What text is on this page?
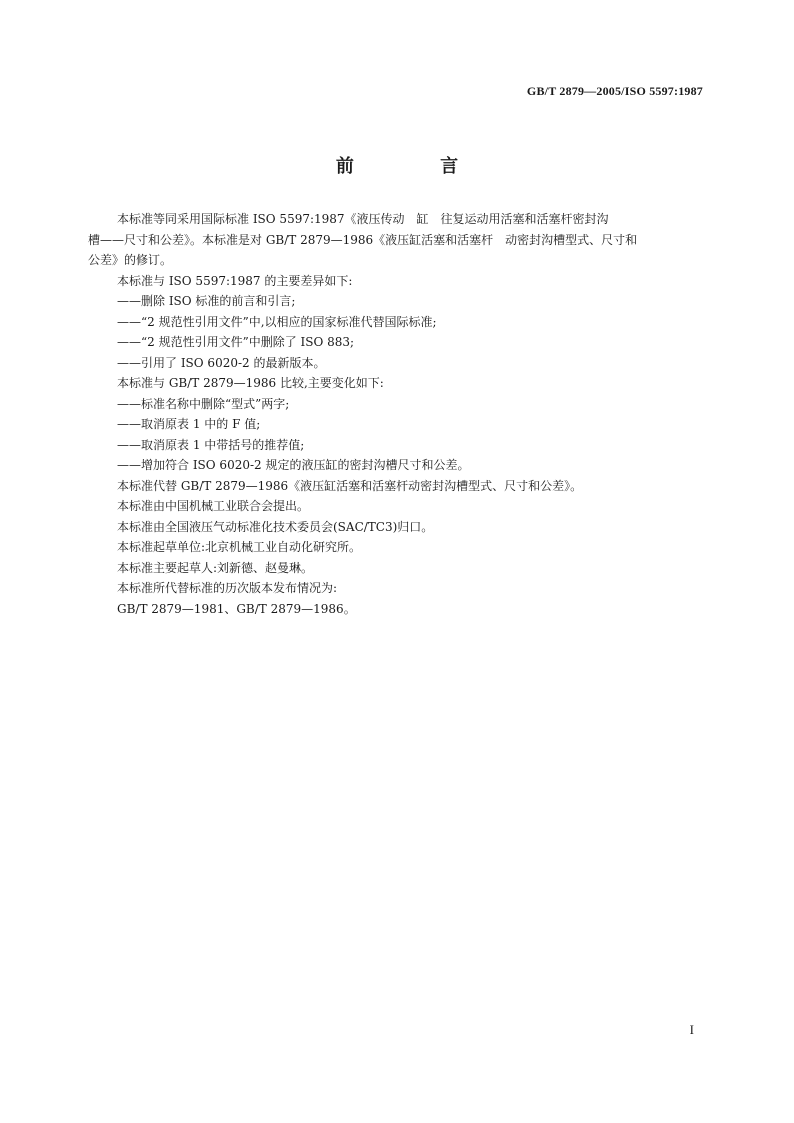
GB/T 2879—2005/ISO 5597:1987
前 言

本标准等同采用国际标准 ISO 5597:1987《液压传动　缸　往复运动用活塞和活塞杆密封沟
槽——尺寸和公差》。本标准是对 GB/T 2879—1986《液压缸活塞和活塞杆　动密封沟槽型式、尺寸和
公差》的修订。

本标准与 ISO 5597:1987 的主要差异如下:
——删除 ISO 标准的前言和引言;
——“2 规范性引用文件”中,以相应的国家标准代替国际标准;
——“2 规范性引用文件”中删除了 ISO 883;
——引用了 ISO 6020-2 的最新版本。
本标准与 GB/T 2879—1986 比较,主要变化如下:
——标准名称中删除“型式”两字;
——取消原表 1 中的 F 值;
——取消原表 1 中带括号的推荐值;
——增加符合 ISO 6020-2 规定的液压缸的密封沟槽尺寸和公差。
本标准代替 GB/T 2879—1986《液压缸活塞和活塞杆动密封沟槽型式、尺寸和公差》。
本标准由中国机械工业联合会提出。
本标准由全国液压气动标准化技术委员会(SAC/TC3)归口。
本标准起草单位:北京机械工业自动化研究所。
本标准主要起草人:刘新德、赵曼琳。
本标准所代替标准的历次版本发布情况为:
GB/T 2879—1981、GB/T 2879—1986。
I
